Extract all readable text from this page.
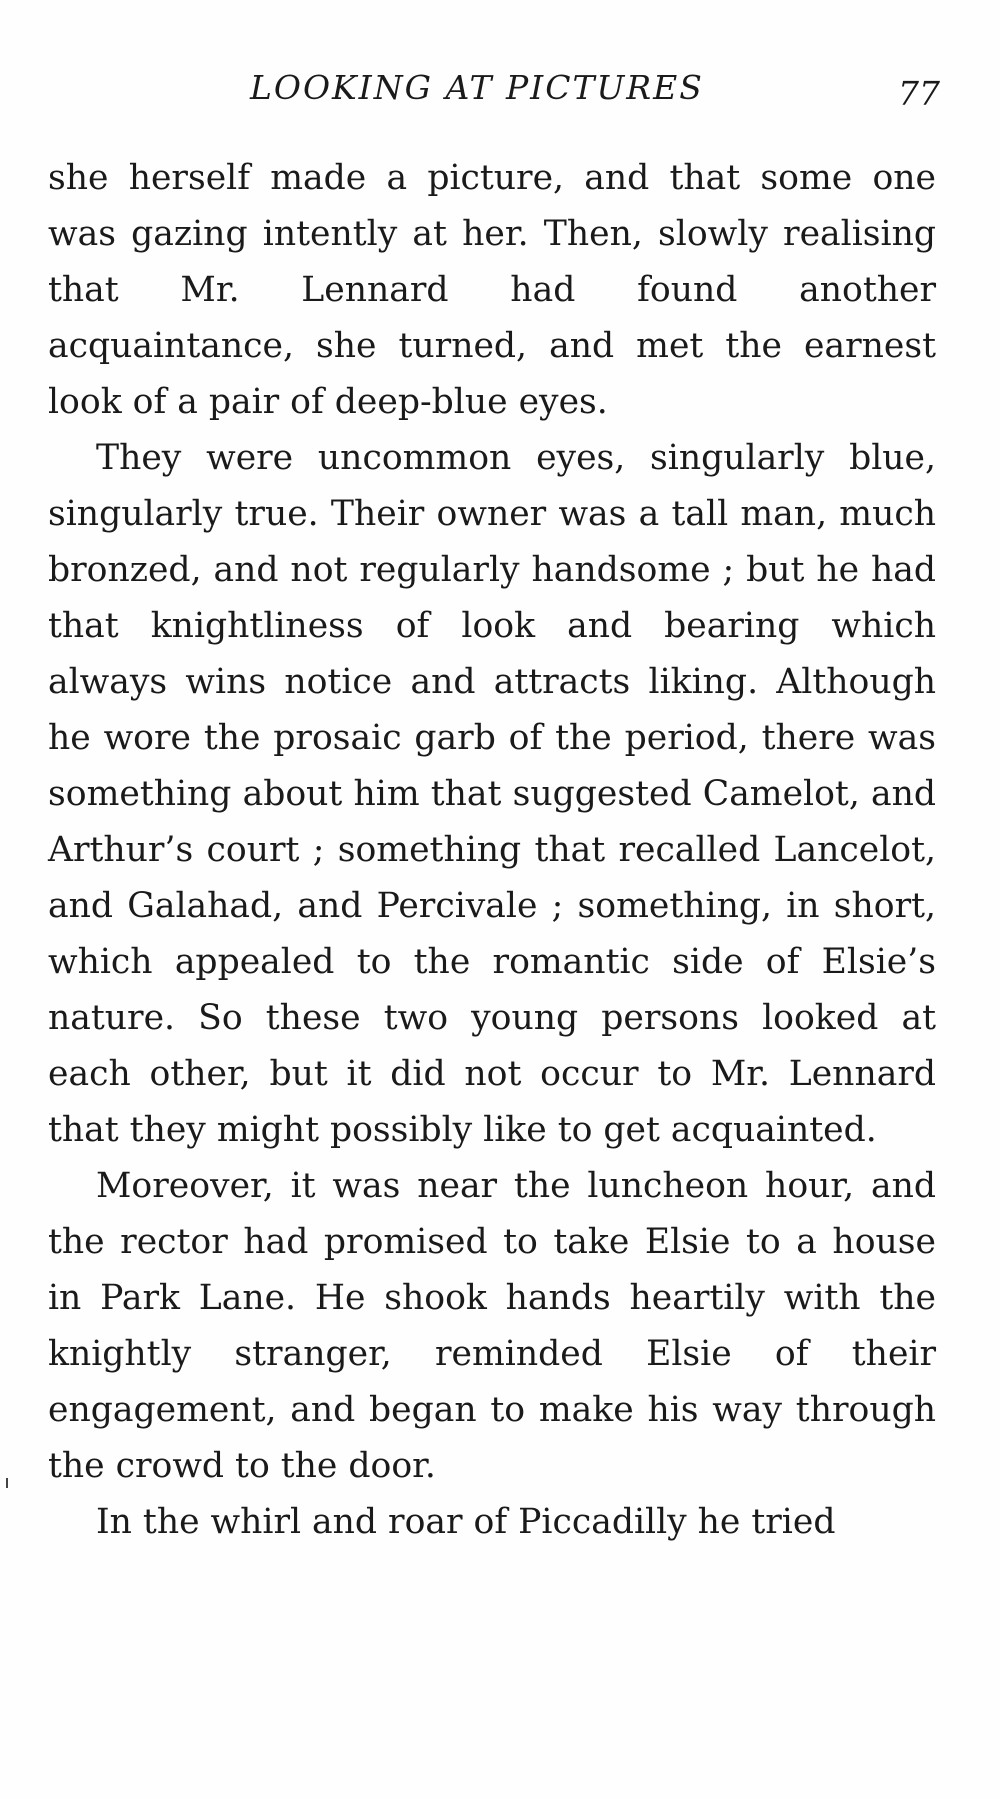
LOOKING AT PICTURES	77

she herself made a picture, and that some one was gazing intently at her. Then, slowly realising that Mr. Lennard had found another acquaintance, she turned, and met the earnest look of a pair of deep-blue eyes.

They were uncommon eyes, singularly blue, singularly true. Their owner was a tall man, much bronzed, and not regularly handsome ; but he had that knightliness of look and bearing which always wins notice and attracts liking. Although he wore the prosaic garb of the period, there was something about him that suggested Camelot, and Arthur’s court ; something that recalled Lancelot, and Galahad, and Percivale ; something, in short, which appealed to the romantic side of Elsie’s nature. So these two young persons looked at each other, but it did not occur to Mr. Lennard that they might possibly like to get acquainted.

Moreover, it was near the luncheon hour, and the rector had promised to take Elsie to a house in Park Lane. He shook hands heartily with the knightly stranger, reminded Elsie of their engagement, and began to make his way through the crowd to the door.

In the whirl and roar of Piccadilly he tried
